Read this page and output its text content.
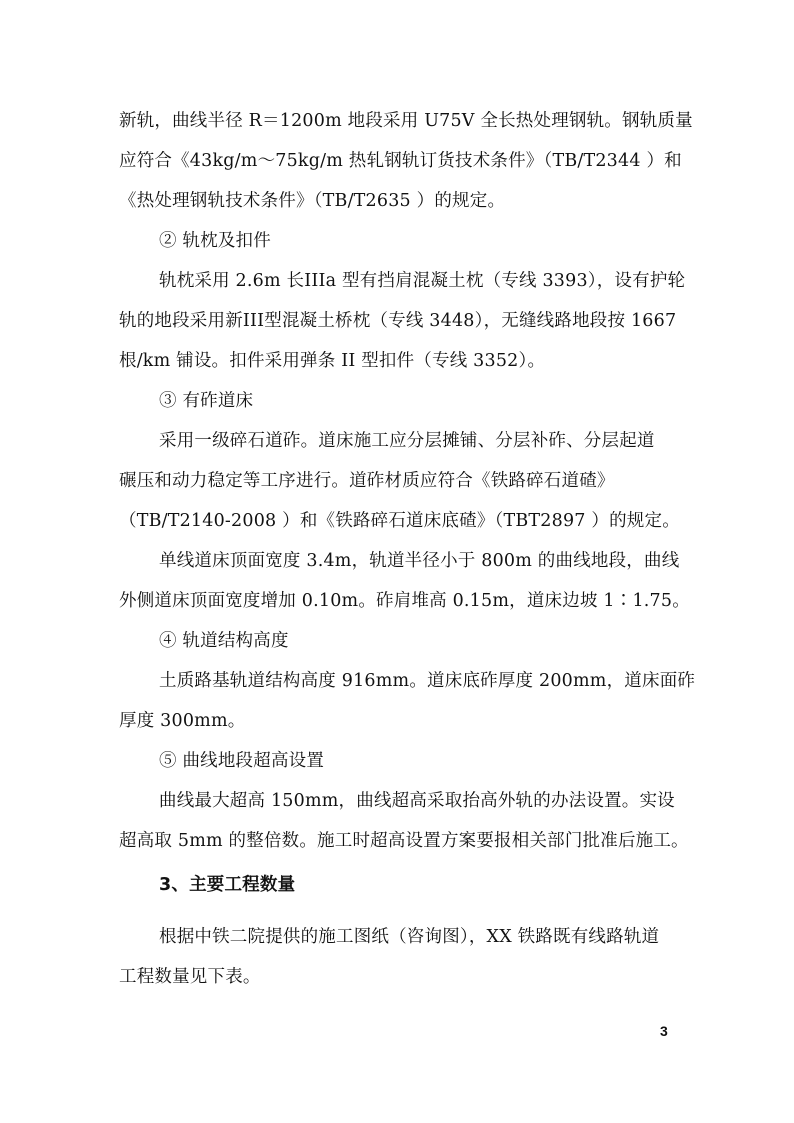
新轨，曲线半径 R＝1200m 地段采用 U75V 全长热处理钢轨。钢轨质量
应符合《43kg/m～75kg/m 热轧钢轨订货技术条件》（TB/T2344 ）和
《热处理钢轨技术条件》（TB/T2635 ）的规定。
② 轨枕及扣件
轨枕采用 2.6m 长IIIa 型有挡肩混凝土枕（专线 3393），设有护轮
轨的地段采用新III型混凝土桥枕（专线 3448），无缝线路地段按 1667
根/km 铺设。扣件采用弹条 II 型扣件（专线 3352）。
③ 有砟道床
采用一级碎石道砟。道床施工应分层摊铺、分层补砟、分层起道
碾压和动力稳定等工序进行。道砟材质应符合《铁路碎石道碴》
（TB/T2140-2008 ）和《铁路碎石道床底碴》（TBT2897 ）的规定。
单线道床顶面宽度 3.4m，轨道半径小于 800m 的曲线地段，曲线
外侧道床顶面宽度增加 0.10m。砟肩堆高 0.15m，道床边坡 1∶1.75。
④ 轨道结构高度
土质路基轨道结构高度 916mm。道床底砟厚度 200mm，道床面砟
厚度 300mm。
⑤ 曲线地段超高设置
曲线最大超高 150mm，曲线超高采取抬高外轨的办法设置。实设
超高取 5mm 的整倍数。施工时超高设置方案要报相关部门批准后施工。
3、主要工程数量
根据中铁二院提供的施工图纸（咨询图），XX 铁路既有线路轨道
工程数量见下表。
3
